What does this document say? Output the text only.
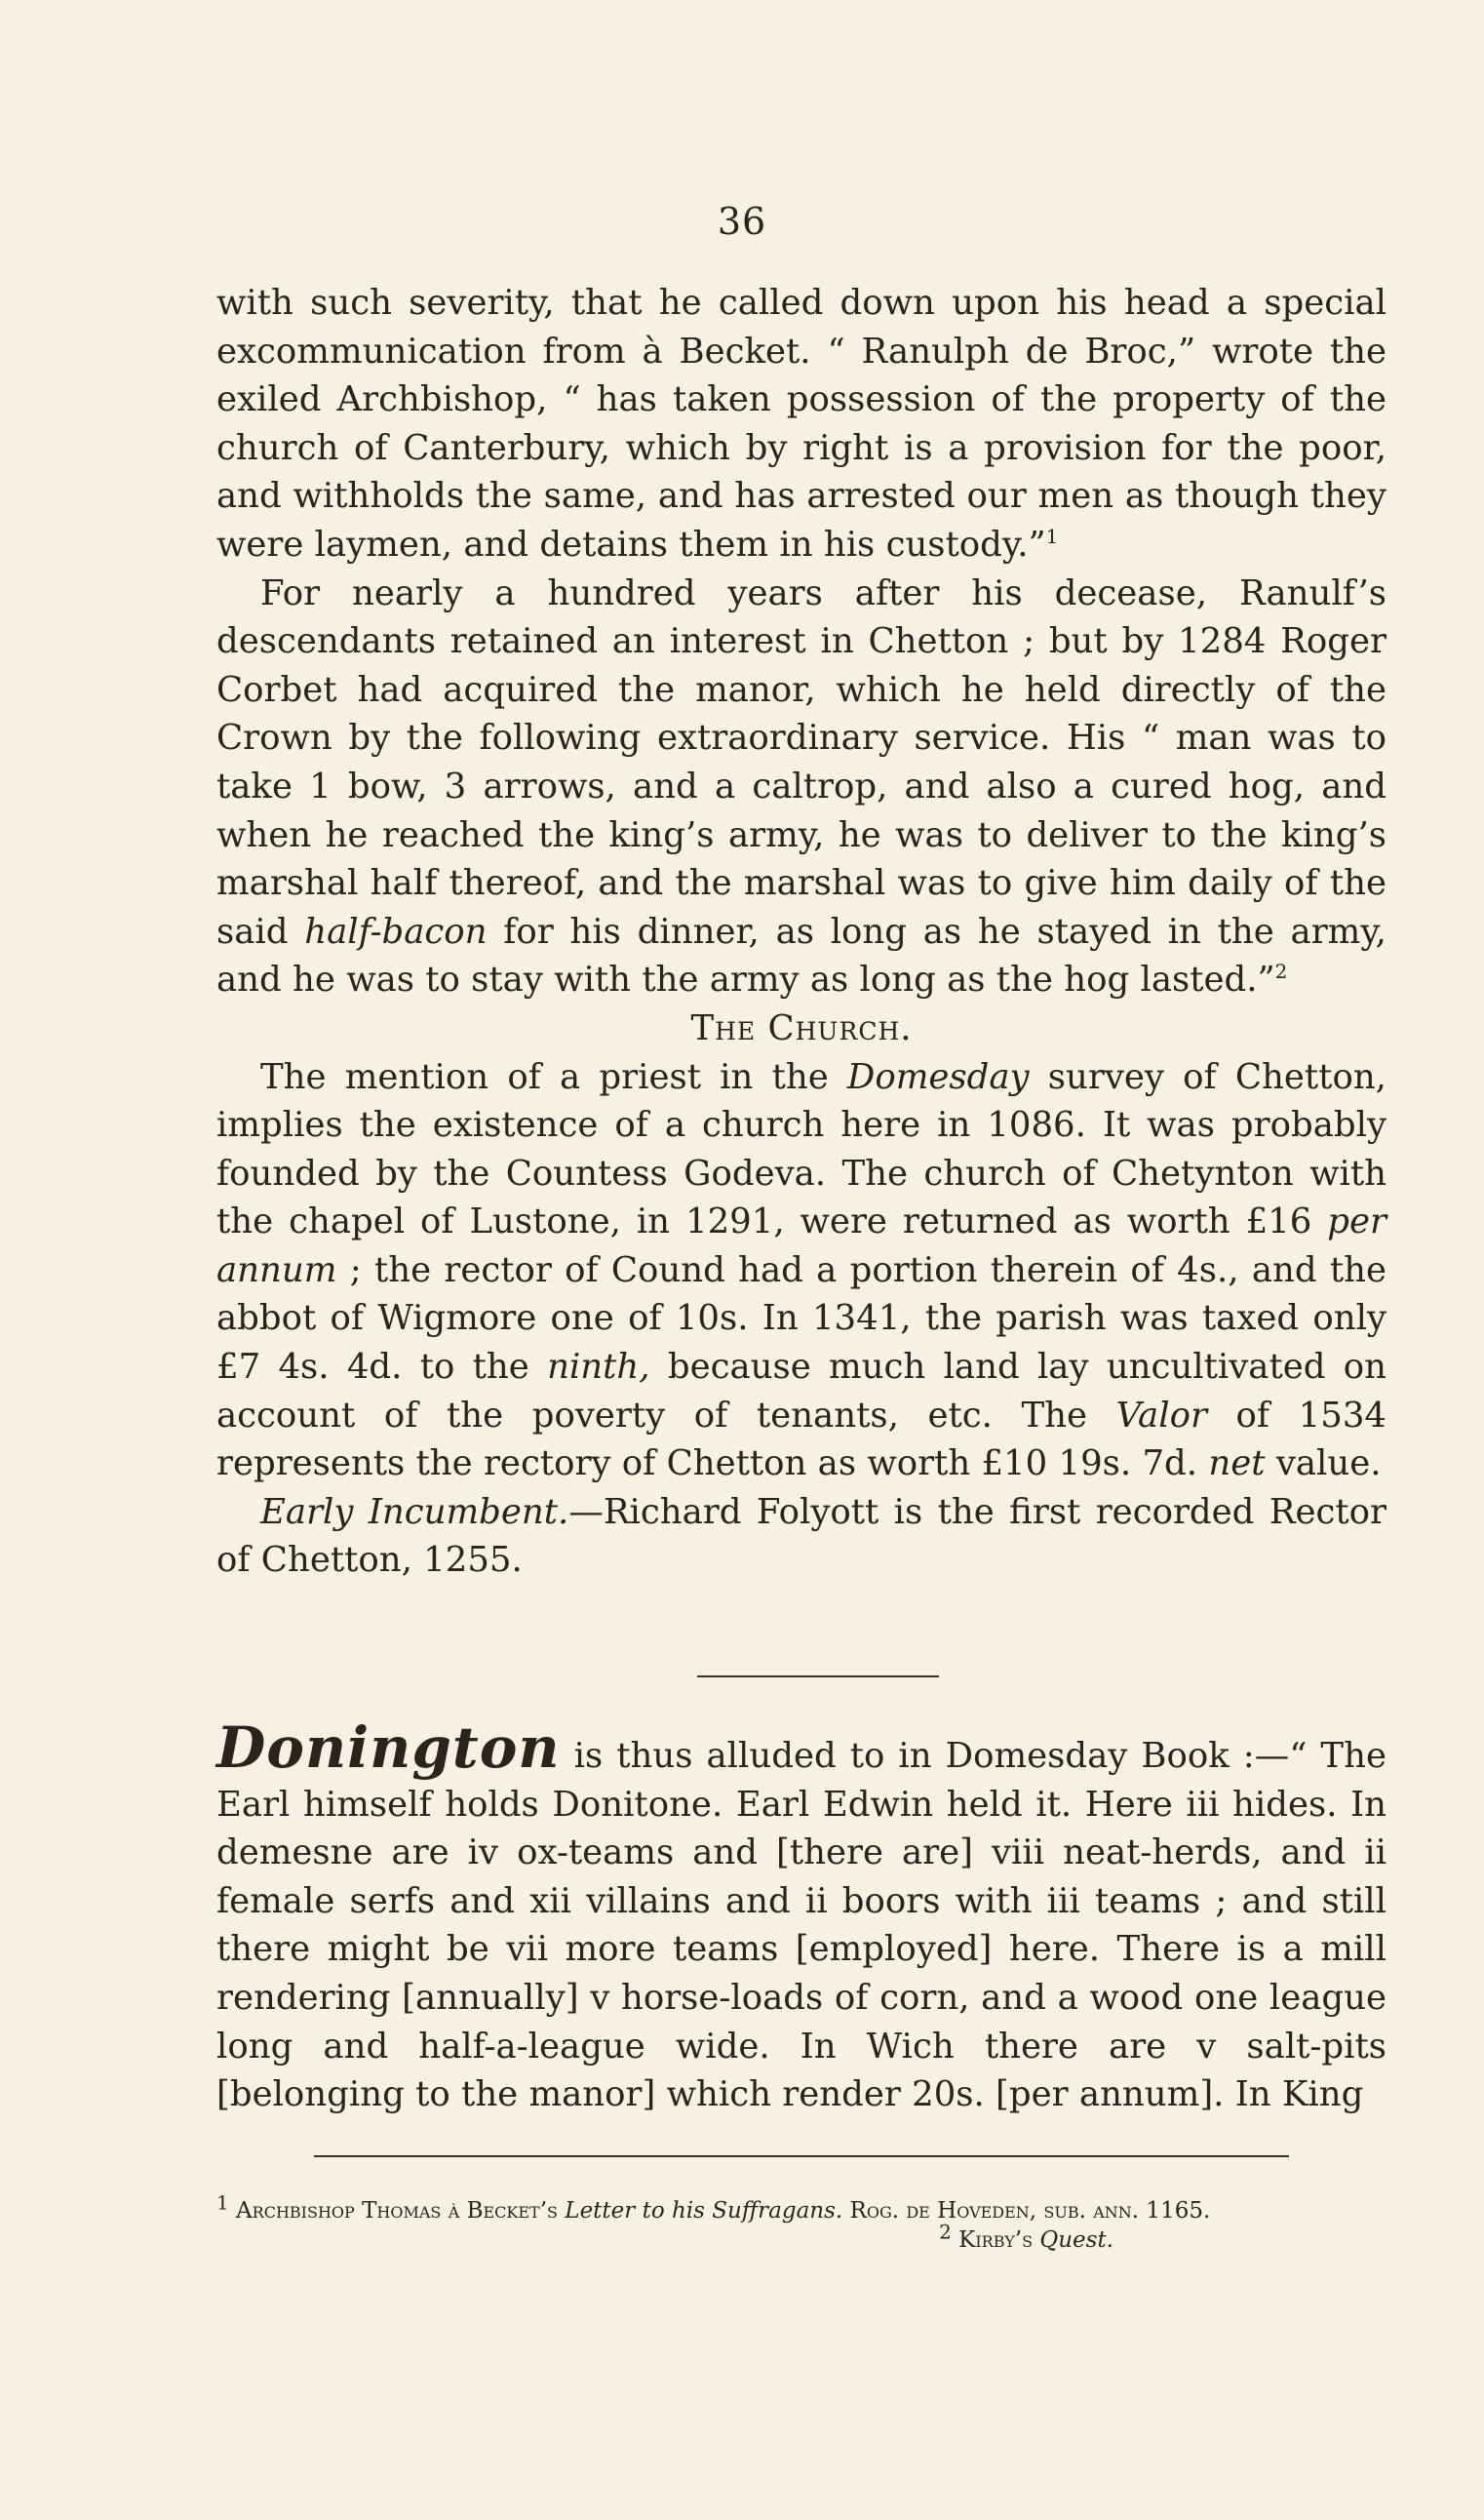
36

with such severity, that he called down upon his head a special excommunication from à Becket. “ Ranulph de Broc,” wrote the exiled Archbishop, “ has taken possession of the property of the church of Canterbury, which by right is a provision for the poor, and withholds the same, and has arrested our men as though they were laymen, and detains them in his custody.”$^1$

For nearly a hundred years after his decease, Ranulf’s descendants retained an interest in Chetton ; but by 1284 Roger Corbet had acquired the manor, which he held directly of the Crown by the following extraordinary service. His “ man was to take 1 bow, 3 arrows, and a caltrop, and also a cured hog, and when he reached the king’s army, he was to deliver to the king’s marshal half thereof, and the marshal was to give him daily of the said half-bacon for his dinner, as long as he stayed in the army, and he was to stay with the army as long as the hog lasted.”$^2$

The Church.

The mention of a priest in the Domesday survey of Chetton, implies the existence of a church here in 1086. It was probably founded by the Countess Godeva. The church of Chetynton with the chapel of Lustone, in 1291, were returned as worth £16 per annum ; the rector of Cound had a portion therein of 4s., and the abbot of Wigmore one of 10s. In 1341, the parish was taxed only £7 4s. 4d. to the ninth, because much land lay uncultivated on account of the poverty of tenants, etc. The Valor of 1534 represents the rectory of Chetton as worth £10 19s. 7d. net value.

Early Incumbent.—Richard Folyott is the first recorded Rector of Chetton, 1255.

Donington is thus alluded to in Domesday Book :—“ The Earl himself holds Donitone. Earl Edwin held it. Here iii hides. In demesne are iv ox-teams and [there are] viii neat-herds, and ii female serfs and xii villains and ii boors with iii teams ; and still there might be vii more teams [employed] here. There is a mill rendering [annually] v horse-loads of corn, and a wood one league long and half-a-league wide. In Wich there are v salt-pits [belonging to the manor] which render 20s. [per annum]. In King

1 Archbishop Thomas à Becket’s Letter to his Suffragans. Rog. de Hoveden, sub. ann. 1165.

2 Kirby’s Quest.
